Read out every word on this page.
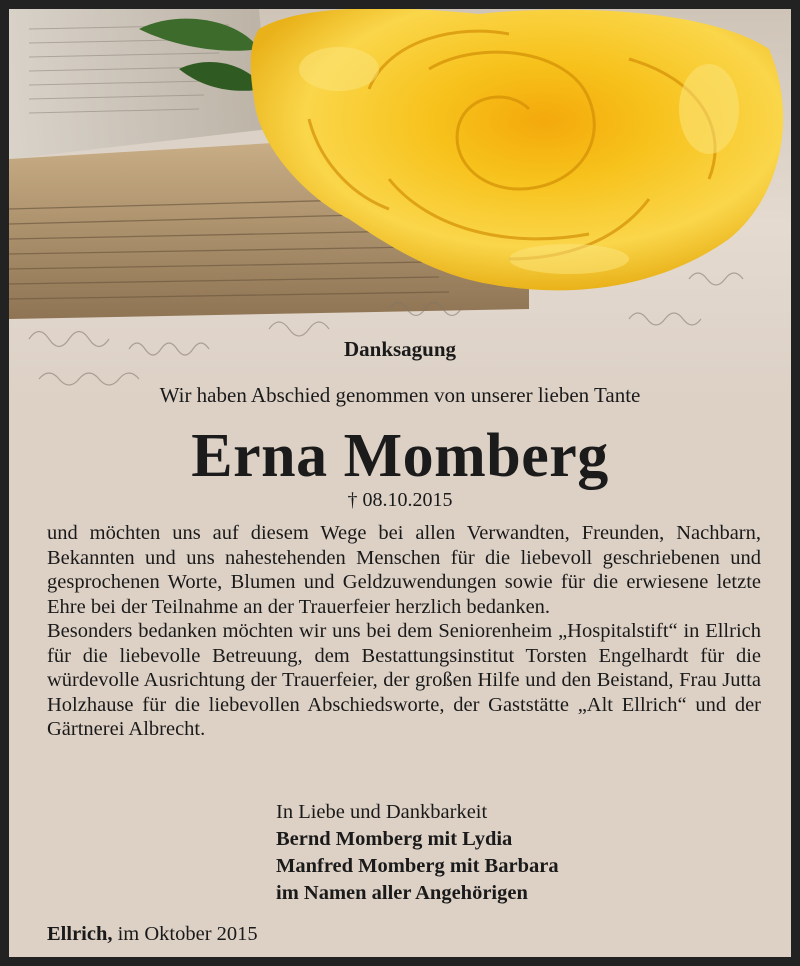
Danksagung
Wir haben Abschied genommen von unserer lieben Tante
Erna Momberg
† 08.10.2015

und möchten uns auf diesem Wege bei allen Verwandten, Freunden, Nachbarn, Bekannten und uns nahestehenden Menschen für die liebevoll geschriebenen und gesprochenen Worte, Blumen und Geldzuwendungen sowie für die erwiesene letzte Ehre bei der Teilnahme an der Trauerfeier herzlich bedanken.

Besonders bedanken möchten wir uns bei dem Seniorenheim „Hospitalstift“ in Ellrich für die liebevolle Betreuung, dem Bestattungsinstitut Torsten Engelhardt für die würdevolle Ausrichtung der Trauerfeier, der großen Hilfe und den Beistand, Frau Jutta Holzhause für die liebevollen Abschiedsworte, der Gaststätte „Alt Ellrich“ und der Gärtnerei Albrecht.

In Liebe und Dankbarkeit
Bernd Momberg mit Lydia
Manfred Momberg mit Barbara
im Namen aller Angehörigen
Ellrich, im Oktober 2015
